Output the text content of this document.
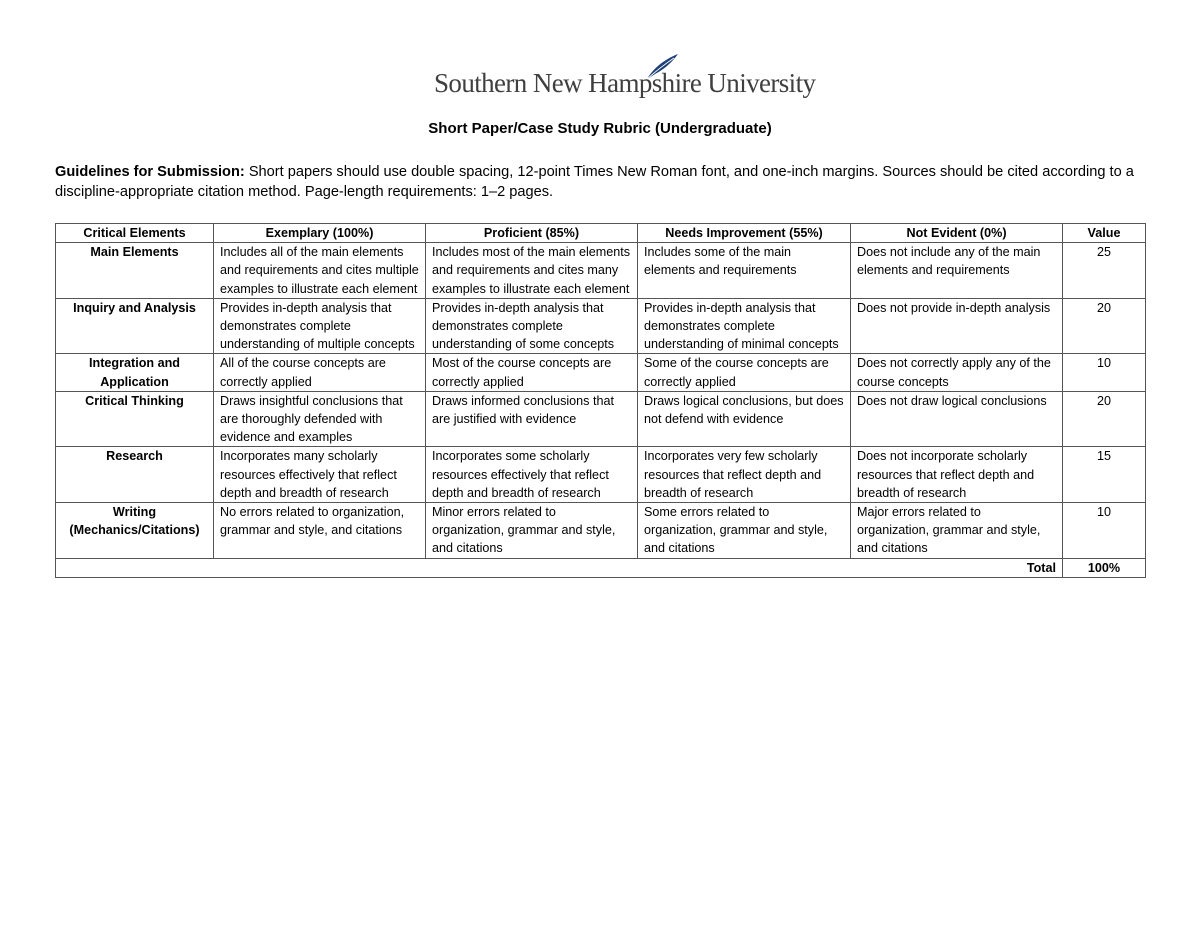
Southern New Hampshire University
Short Paper/Case Study Rubric (Undergraduate)
Guidelines for Submission: Short papers should use double spacing, 12-point Times New Roman font, and one-inch margins. Sources should be cited according to a discipline-appropriate citation method. Page-length requirements: 1–2 pages.
Critical Elements	Exemplary (100%)	Proficient (85%)	Needs Improvement (55%)	Not Evident (0%)	Value
Main Elements	Includes all of the main elements and requirements and cites multiple examples to illustrate each element	Includes most of the main elements and requirements and cites many examples to illustrate each element	Includes some of the main elements and requirements	Does not include any of the main elements and requirements	25
Inquiry and Analysis	Provides in-depth analysis that demonstrates complete understanding of multiple concepts	Provides in-depth analysis that demonstrates complete understanding of some concepts	Provides in-depth analysis that demonstrates complete understanding of minimal concepts	Does not provide in-depth analysis	20
Integration and Application	All of the course concepts are correctly applied	Most of the course concepts are correctly applied	Some of the course concepts are correctly applied	Does not correctly apply any of the course concepts	10
Critical Thinking	Draws insightful conclusions that are thoroughly defended with evidence and examples	Draws informed conclusions that are justified with evidence	Draws logical conclusions, but does not defend with evidence	Does not draw logical conclusions	20
Research	Incorporates many scholarly resources effectively that reflect depth and breadth of research	Incorporates some scholarly resources effectively that reflect depth and breadth of research	Incorporates very few scholarly resources that reflect depth and breadth of research	Does not incorporate scholarly resources that reflect depth and breadth of research	15
Writing (Mechanics/Citations)	No errors related to organization, grammar and style, and citations	Minor errors related to organization, grammar and style, and citations	Some errors related to organization, grammar and style, and citations	Major errors related to organization, grammar and style, and citations	10
Total					100%
